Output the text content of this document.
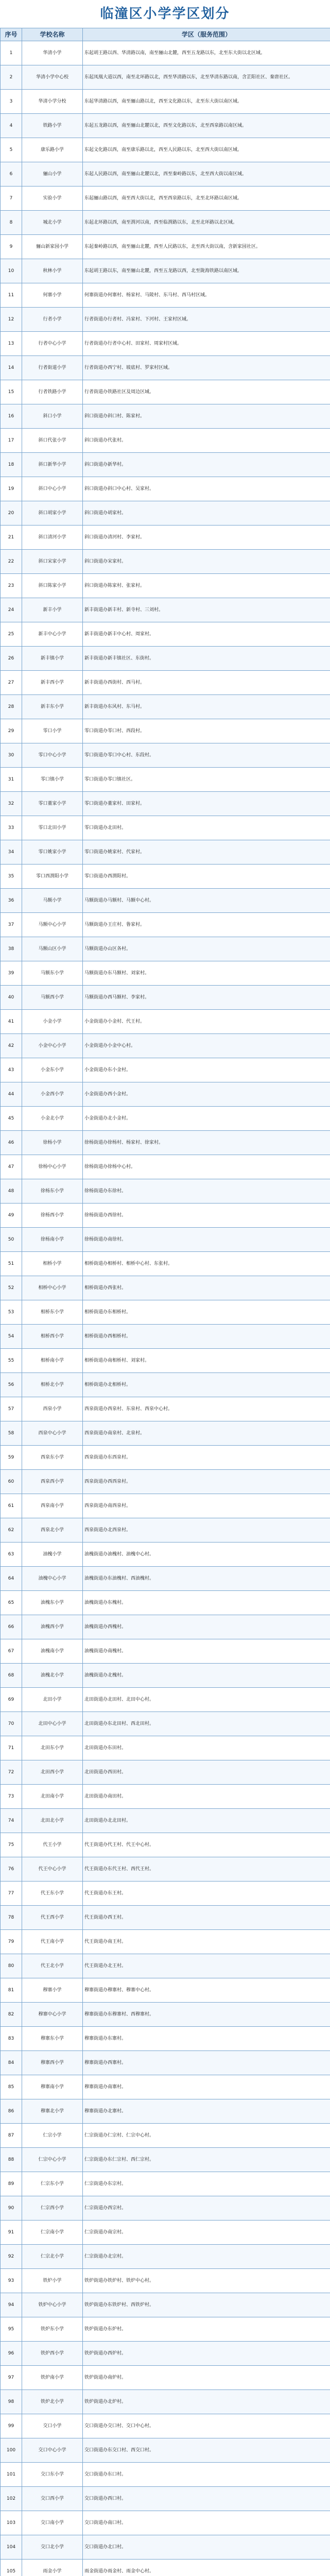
临潼区小学学区划分
序号	学校名称	学区（服务范围）
1	华清小学	东起胡王路以西、华清路以南，南至骊山北麓，西至五龙路以东，北至东大街以北区域。
2	华清小学中心校	东起凤凰大道以西，南至北环路以北，西至华清路以东，北至华清东路以南，含芷阳社区、秦唐社区。
3	华清小学分校	东起华清路以西，南至骊山路以北，西至文化路以东，北至东大街以南区域。
4	铁路小学	东起五龙路以西，南至骊山北麓以北，西至文化路以东，北至西泉路以南区域。
5	康乐路小学	东起文化路以西，南至康乐路以北，西至人民路以东，北至西大街以南区域。
6	骊山小学	东起人民路以西，南至骊山北麓以北，西至秦岭路以东，北至西大街以南区域。
7	实验小学	东起骊山路以西，南至西大街以北，西至西泉路以东，北至北环路以南区域。
8	城北小学	东起北环路以西，南至渭河以南，西至临渭路以东，北至北环路以北区域。
9	骊山新家园小学	东起秦岭路以西，南至骊山北麓，西至人民路以东，北至西大街以南，含新家园社区。
10	秋林小学	东起胡王路以东，南至骊山北麓，西至五龙路以西，北至陇海铁路以南区域。
11	何寨小学	何寨街道办何寨村、杨家村、马陵村、东马村、西马村区域。
12	行者小学	行者街道办行者村、冯家村、下河村、王家村区域。
13	行者中心小学	行者街道办行者中心村、田家村、周家村区域。
14	行者街道小学	行者街道办西宁村、坡底村、罗家村区域。
15	行者铁路小学	行者街道办铁路社区及周边区域。
16	斜口小学	斜口街道办斜口村、陈家村。
17	斜口代张小学	斜口街道办代张村。
18	斜口新华小学	斜口街道办新华村。
19	斜口中心小学	斜口街道办斜口中心村、吴家村。
20	斜口胡家小学	斜口街道办胡家村。
21	斜口清河小学	斜口街道办清河村、李家村。
22	斜口宋家小学	斜口街道办宋家村。
23	斜口陈家小学	斜口街道办陈家村、张家村。
24	新丰小学	新丰街道办新丰村、新寺村、三刘村。
25	新丰中心小学	新丰街道办新丰中心村、周家村。
26	新丰镇小学	新丰街道办新丰镇社区、东街村。
27	新丰西小学	新丰街道办西街村、西马村。
28	新丰东小学	新丰街道办东风村、东马村。
29	零口小学	零口街道办零口村、西段村。
30	零口中心小学	零口街道办零口中心村、东段村。
31	零口镇小学	零口街道办零口镇社区。
32	零口董家小学	零口街道办董家村、田家村。
33	零口北田小学	零口街道办北田村。
34	零口姚家小学	零口街道办姚家村、代家村。
35	零口西渭阳小学	零口街道办西渭阳村。
36	马额小学	马额街道办马额村、马额中心村。
37	马额中心小学	马额街道办王庄村、鲁家村。
38	马额山区小学	马额街道办山区各村。
39	马额东小学	马额街道办东马额村、刘家村。
40	马额西小学	马额街道办西马额村、李家村。
41	小金小学	小金街道办小金村、代王村。
42	小金中心小学	小金街道办小金中心村。
43	小金东小学	小金街道办东小金村。
44	小金西小学	小金街道办西小金村。
45	小金北小学	小金街道办北小金村。
46	徐杨小学	徐杨街道办徐杨村、杨家村、徐家村。
47	徐杨中心小学	徐杨街道办徐杨中心村。
48	徐杨东小学	徐杨街道办东徐村。
49	徐杨西小学	徐杨街道办西徐村。
50	徐杨南小学	徐杨街道办南徐村。
51	相桥小学	相桥街道办相桥村、相桥中心村、东张村。
52	相桥中心小学	相桥街道办西张村。
53	相桥东小学	相桥街道办东相桥村。
54	相桥西小学	相桥街道办西相桥村。
55	相桥南小学	相桥街道办南相桥村、刘家村。
56	相桥北小学	相桥街道办北相桥村。
57	西泉小学	西泉街道办西泉村、东泉村、西泉中心村。
58	西泉中心小学	西泉街道办南泉村、北泉村。
59	西泉东小学	西泉街道办东西泉村。
60	西泉西小学	西泉街道办西西泉村。
61	西泉南小学	西泉街道办南西泉村。
62	西泉北小学	西泉街道办北西泉村。
63	油槐小学	油槐街道办油槐村、油槐中心村。
64	油槐中心小学	油槐街道办东油槐村、西油槐村。
65	油槐东小学	油槐街道办东槐村。
66	油槐西小学	油槐街道办西槐村。
67	油槐南小学	油槐街道办南槐村。
68	油槐北小学	油槐街道办北槐村。
69	北田小学	北田街道办北田村、北田中心村。
70	北田中心小学	北田街道办东北田村、西北田村。
71	北田东小学	北田街道办东田村。
72	北田西小学	北田街道办西田村。
73	北田南小学	北田街道办南田村。
74	北田北小学	北田街道办北北田村。
75	代王小学	代王街道办代王村、代王中心村。
76	代王中心小学	代王街道办东代王村、西代王村。
77	代王东小学	代王街道办东王村。
78	代王西小学	代王街道办西王村。
79	代王南小学	代王街道办南王村。
80	代王北小学	代王街道办北王村。
81	穆寨小学	穆寨街道办穆寨村、穆寨中心村。
82	穆寨中心小学	穆寨街道办东穆寨村、西穆寨村。
83	穆寨东小学	穆寨街道办东寨村。
84	穆寨西小学	穆寨街道办西寨村。
85	穆寨南小学	穆寨街道办南寨村。
86	穆寨北小学	穆寨街道办北寨村。
87	仁宗小学	仁宗街道办仁宗村、仁宗中心村。
88	仁宗中心小学	仁宗街道办东仁宗村、西仁宗村。
89	仁宗东小学	仁宗街道办东宗村。
90	仁宗西小学	仁宗街道办西宗村。
91	仁宗南小学	仁宗街道办南宗村。
92	仁宗北小学	仁宗街道办北宗村。
93	铁炉小学	铁炉街道办铁炉村、铁炉中心村。
94	铁炉中心小学	铁炉街道办东铁炉村、西铁炉村。
95	铁炉东小学	铁炉街道办东炉村。
96	铁炉西小学	铁炉街道办西炉村。
97	铁炉南小学	铁炉街道办南炉村。
98	铁炉北小学	铁炉街道办北炉村。
99	交口小学	交口街道办交口村、交口中心村。
100	交口中心小学	交口街道办东交口村、西交口村。
101	交口东小学	交口街道办东口村。
102	交口西小学	交口街道办西口村。
103	交口南小学	交口街道办南口村。
104	交口北小学	交口街道办北口村。
105	雨金小学	雨金街道办雨金村、雨金中心村。
